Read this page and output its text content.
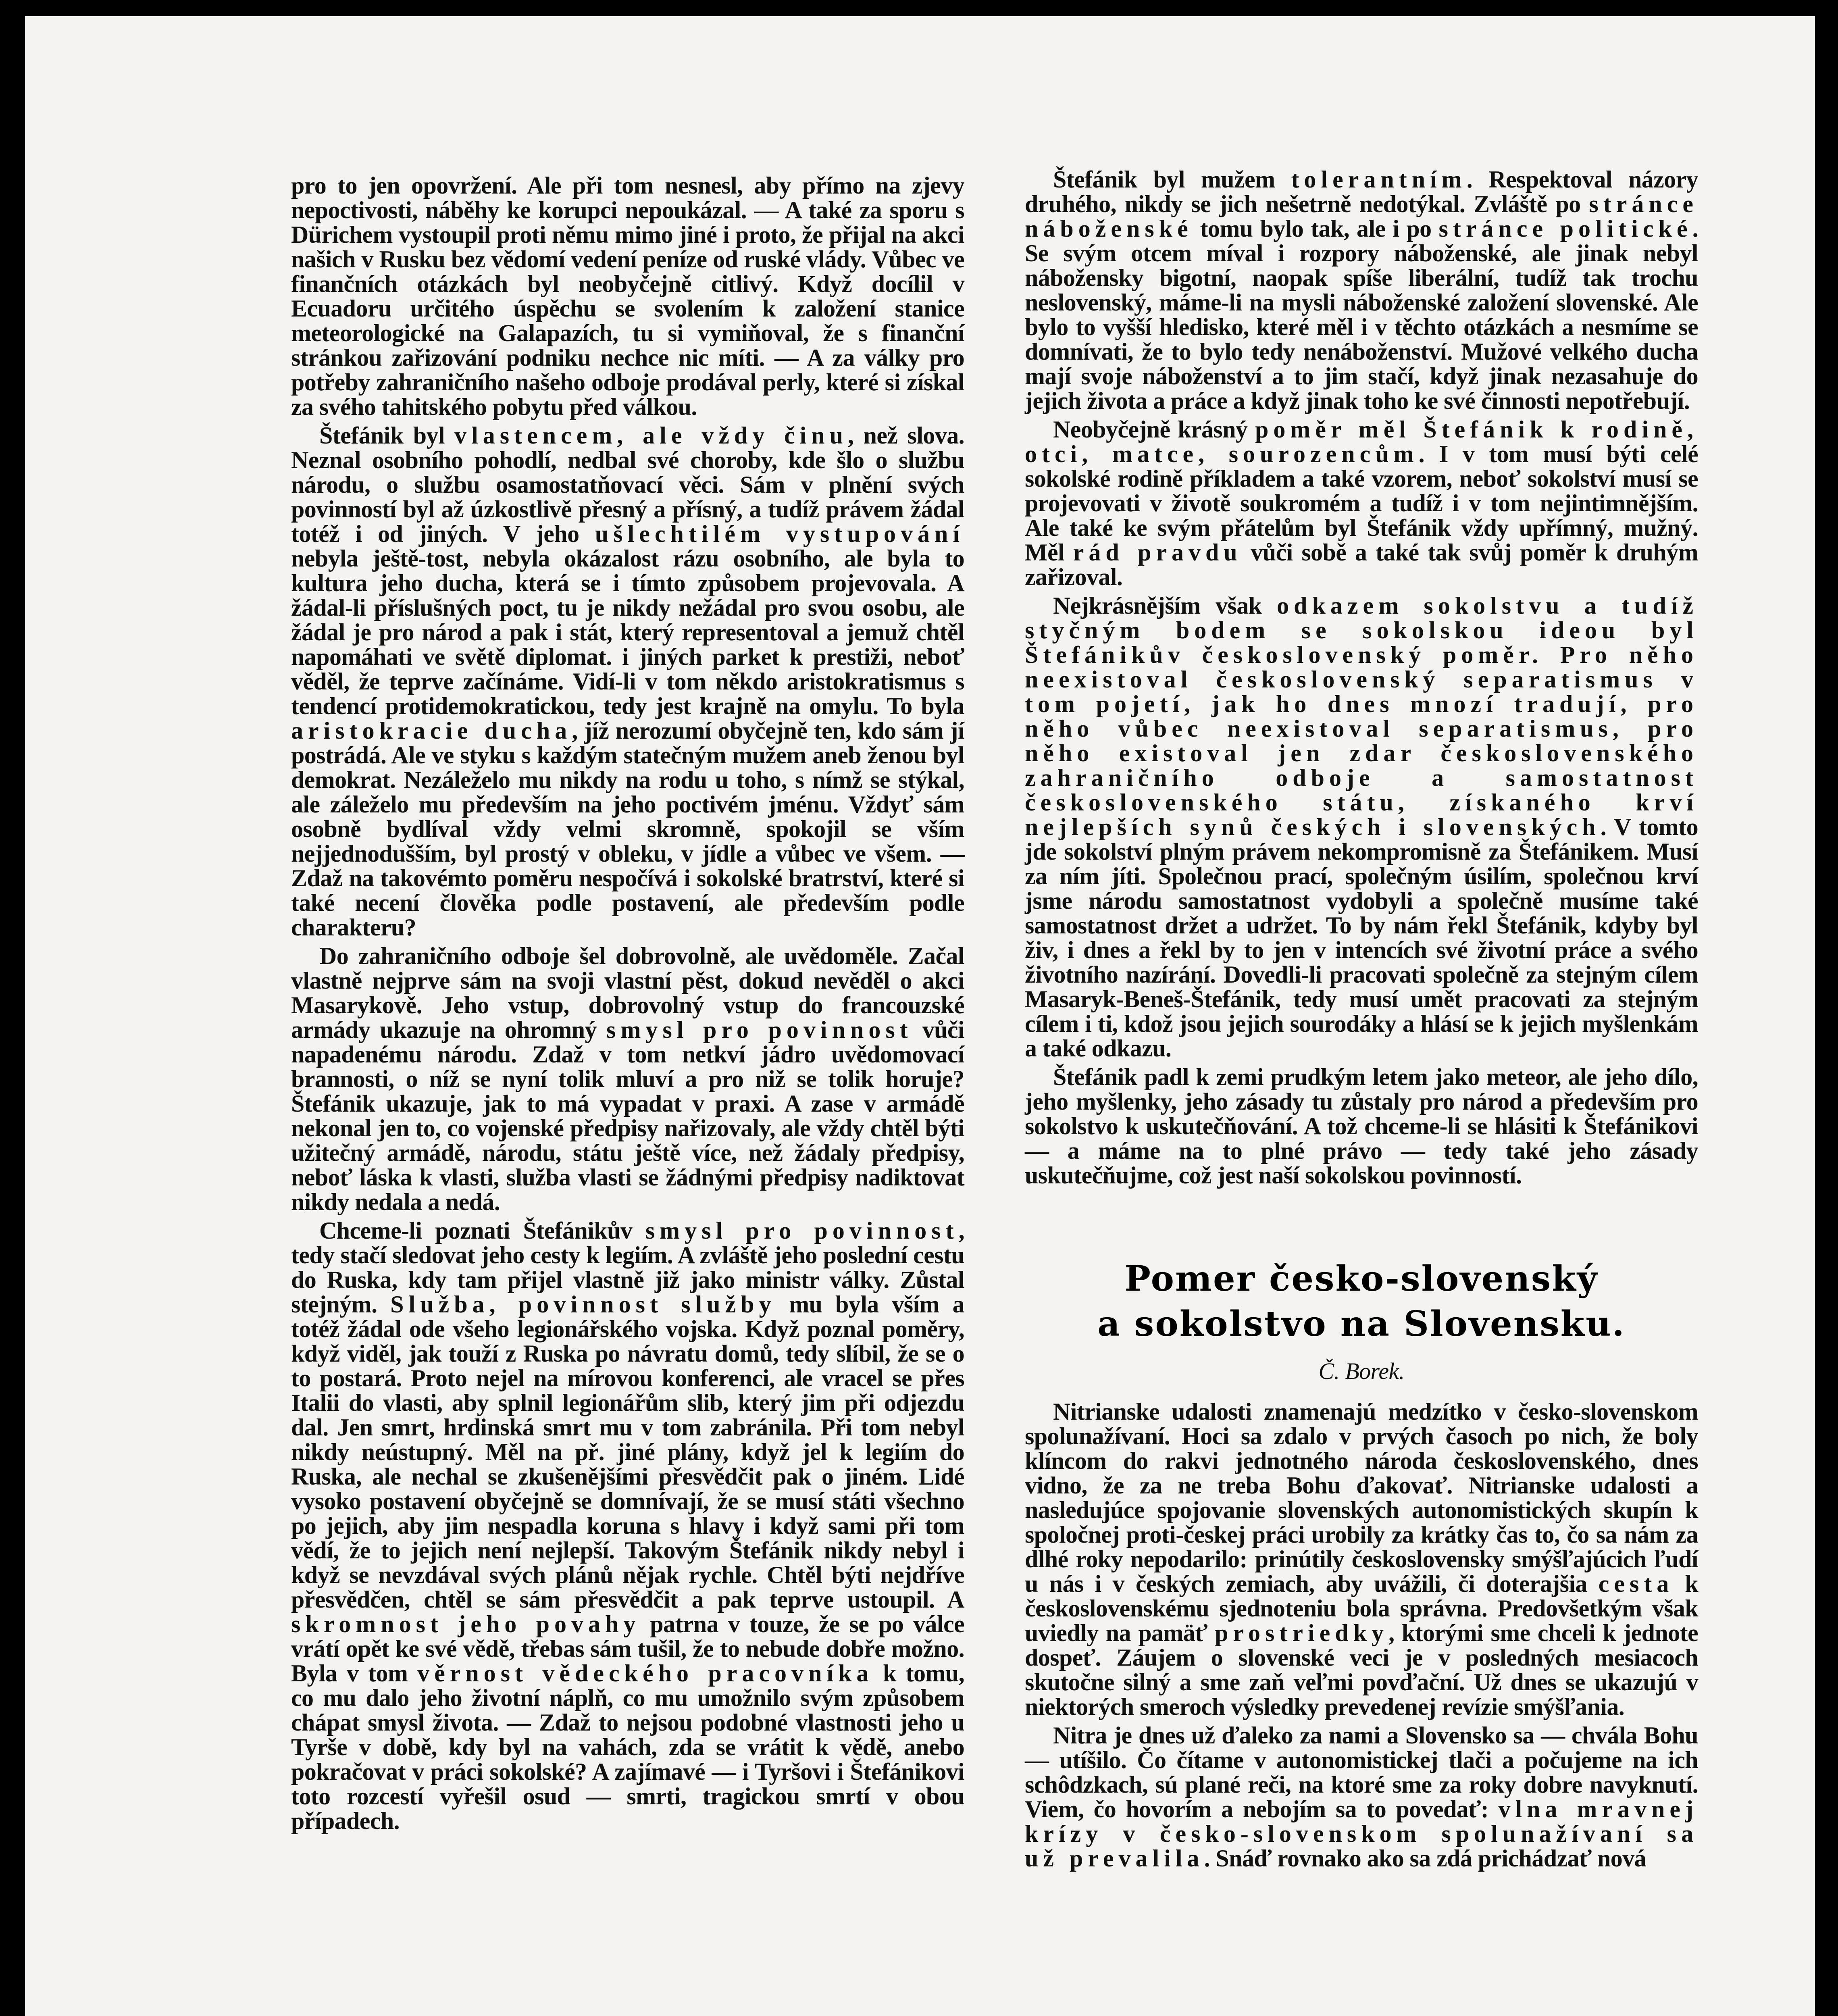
pro to jen opovržení. Ale při tom nesnesl, aby přímo na zjevy nepoctivosti, náběhy ke korupci nepoukázal. — A také za sporu s Dürichem vystoupil proti němu mimo jiné i proto, že přijal na akci našich v Rusku bez vědomí vedení peníze od ruské vlády. Vůbec ve finančních otázkách byl neobyčejně citlivý. Když docílil v Ecuadoru určitého úspěchu se svolením k založení stanice meteorologické na Galapazích, tu si vymiňoval, že s finanční stránkou zařizování podniku nechce nic míti. — A za války pro potřeby zahraničního našeho odboje prodával perly, které si získal za svého tahitského pobytu před válkou.

Štefánik byl vlastencem, ale vždy činu, než slova. Neznal osobního pohodlí, nedbal své choroby, kde šlo o službu národu, o službu osamostatňovací věci. Sám v plnění svých povinností byl až úzkostlivě přesný a přísný, a tudíž právem žádal totéž i od jiných. V jeho ušlechtilém vystupování nebyla ještě-tost, nebyla okázalost rázu osobního, ale byla to kultura jeho ducha, která se i tímto způsobem projevovala. A žádal-li příslušných poct, tu je nikdy nežádal pro svou osobu, ale žádal je pro národ a pak i stát, který representoval a jemuž chtěl napomáhati ve světě diplomat. i jiných parket k prestiži, neboť věděl, že teprve začínáme. Vidí-li v tom někdo aristokratismus s tendencí protidemokratickou, tedy jest krajně na omylu. To byla aristokracie ducha, jíž nerozumí obyčejně ten, kdo sám jí postrádá. Ale ve styku s každým statečným mužem aneb ženou byl demokrat. Nezáleželo mu nikdy na rodu u toho, s nímž se stýkal, ale záleželo mu především na jeho poctivém jménu. Vždyť sám osobně bydlíval vždy velmi skromně, spokojil se vším nejjednodušším, byl prostý v obleku, v jídle a vůbec ve všem. — Zdaž na takovémto poměru nespočívá i sokolské bratrství, které si také necení člověka podle postavení, ale především podle charakteru?

Do zahraničního odboje šel dobrovolně, ale uvědoměle. Začal vlastně nejprve sám na svoji vlastní pěst, dokud nevěděl o akci Masarykově. Jeho vstup, dobrovolný vstup do francouzské armády ukazuje na ohromný smysl pro povinnost vůči napadenému národu. Zdaž v tom netkví jádro uvědomovací brannosti, o níž se nyní tolik mluví a pro niž se tolik horuje? Štefánik ukazuje, jak to má vypadat v praxi. A zase v armádě nekonal jen to, co vojenské předpisy nařizovaly, ale vždy chtěl býti užitečný armádě, národu, státu ještě více, než žádaly předpisy, neboť láska k vlasti, služba vlasti se žádnými předpisy nadiktovat nikdy nedala a nedá.

Chceme-li poznati Štefánikův smysl pro povinnost, tedy stačí sledovat jeho cesty k legiím. A zvláště jeho poslední cestu do Ruska, kdy tam přijel vlastně již jako ministr války. Zůstal stejným. Služba, povinnost služby mu byla vším a totéž žádal ode všeho legionářského vojska. Když poznal poměry, když viděl, jak touží z Ruska po návratu domů, tedy slíbil, že se o to postará. Proto nejel na mírovou konferenci, ale vracel se přes Italii do vlasti, aby splnil legionářům slib, který jim při odjezdu dal. Jen smrt, hrdinská smrt mu v tom zabránila. Při tom nebyl nikdy neústupný. Měl na př. jiné plány, když jel k legiím do Ruska, ale nechal se zkušenějšími přesvědčit pak o jiném. Lidé vysoko postavení obyčejně se domnívají, že se musí státi všechno po jejich, aby jim nespadla koruna s hlavy i když sami při tom vědí, že to jejich není nejlepší. Takovým Štefánik nikdy nebyl i když se nevzdával svých plánů nějak rychle. Chtěl býti nejdříve přesvědčen, chtěl se sám přesvědčit a pak teprve ustoupil. A skromnost jeho povahy patrna v touze, že se po válce vrátí opět ke své vědě, třebas sám tušil, že to nebude dobře možno. Byla v tom věrnost vědeckého pracovníka k tomu, co mu dalo jeho životní náplň, co mu umožnilo svým způsobem chápat smysl života. — Zdaž to nejsou podobné vlastnosti jeho u Tyrše v době, kdy byl na vahách, zda se vrátit k vědě, anebo pokračovat v práci sokolské? A zajímavé — i Tyršovi i Štefánikovi toto rozcestí vyřešil osud — smrti, tragickou smrtí v obou případech.

Štefánik byl mužem tolerantním. Respektoval názory druhého, nikdy se jich nešetrně nedotýkal. Zvláště po stránce náboženské tomu bylo tak, ale i po stránce politické. Se svým otcem míval i rozpory náboženské, ale jinak nebyl nábožensky bigotní, naopak spíše liberální, tudíž tak trochu neslovenský, máme-li na mysli náboženské založení slovenské. Ale bylo to vyšší hledisko, které měl i v těchto otázkách a nesmíme se domnívati, že to bylo tedy nenáboženství. Mužové velkého ducha mají svoje náboženství a to jim stačí, když jinak nezasahuje do jejich života a práce a když jinak toho ke své činnosti nepotřebují.

Neobyčejně krásný poměr měl Štefánik k rodině, otci, matce, sourozencům. I v tom musí býti celé sokolské rodině příkladem a také vzorem, neboť sokolství musí se projevovati v životě soukromém a tudíž i v tom nejintimnějším. Ale také ke svým přátelům byl Štefánik vždy upřímný, mužný. Měl rád pravdu vůči sobě a také tak svůj poměr k druhým zařizoval.

Nejkrásnějším však odkazem sokolstvu a tudíž styčným bodem se sokolskou ideou byl Štefánikův československý poměr. Pro něho neexistoval československý separatismus v tom pojetí, jak ho dnes mnozí tradují, pro něho vůbec neexistoval separatismus, pro něho existoval jen zdar československého zahraničního odboje a samostatnost československého státu, získaného krví nejlepších synů českých i slovenských. V tomto jde sokolství plným právem nekompromisně za Štefánikem. Musí za ním jíti. Společnou prací, společným úsilím, společnou krví jsme národu samostatnost vydobyli a společně musíme také samostatnost držet a udržet. To by nám řekl Štefánik, kdyby byl živ, i dnes a řekl by to jen v intencích své životní práce a svého životního nazírání. Dovedli-li pracovati společně za stejným cílem Masaryk-Beneš-Štefánik, tedy musí umět pracovati za stejným cílem i ti, kdož jsou jejich sourodáky a hlásí se k jejich myšlenkám a také odkazu.

Štefánik padl k zemi prudkým letem jako meteor, ale jeho dílo, jeho myšlenky, jeho zásady tu zůstaly pro národ a především pro sokolstvo k uskutečňování. A tož chceme-li se hlásiti k Štefánikovi — a máme na to plné právo — tedy také jeho zásady uskutečňujme, což jest naší sokolskou povinností.

Pomer česko-slovenský
a sokolstvo na Slovensku.
Č. Borek.

Nitrianske udalosti znamenajú medzítko v česko-slovenskom spolunažívaní. Hoci sa zdalo v prvých časoch po nich, že boly klíncom do rakvi jednotného národa československého, dnes vidno, že za ne treba Bohu ďakovať. Nitrianske udalosti a nasledujúce spojovanie slovenských autonomistických skupín k spoločnej proti-českej práci urobily za krátky čas to, čo sa nám za dlhé roky nepodarilo: prinútily československy smýšľajúcich ľudí u nás i v českých zemiach, aby uvážili, či doterajšia cesta k československému sjednoteniu bola správna. Predovšetkým však uviedly na pamäť prostriedky, ktorými sme chceli k jednote dospeť. Záujem o slovenské veci je v posledných mesiacoch skutočne silný a sme zaň veľmi povďační. Už dnes se ukazujú v niektorých smeroch výsledky prevedenej revízie smýšľania.

Nitra je dnes už ďaleko za nami a Slovensko sa — chvála Bohu — utíšilo. Čo čítame v autonomistickej tlači a počujeme na ich schôdzkach, sú plané reči, na ktoré sme za roky dobre navyknutí. Viem, čo hovorím a nebojím sa to povedať: vlna mravnej krízy v česko-slovenskom spolunažívaní sa už prevalila. Snáď rovnako ako sa zdá prichádzať nová
